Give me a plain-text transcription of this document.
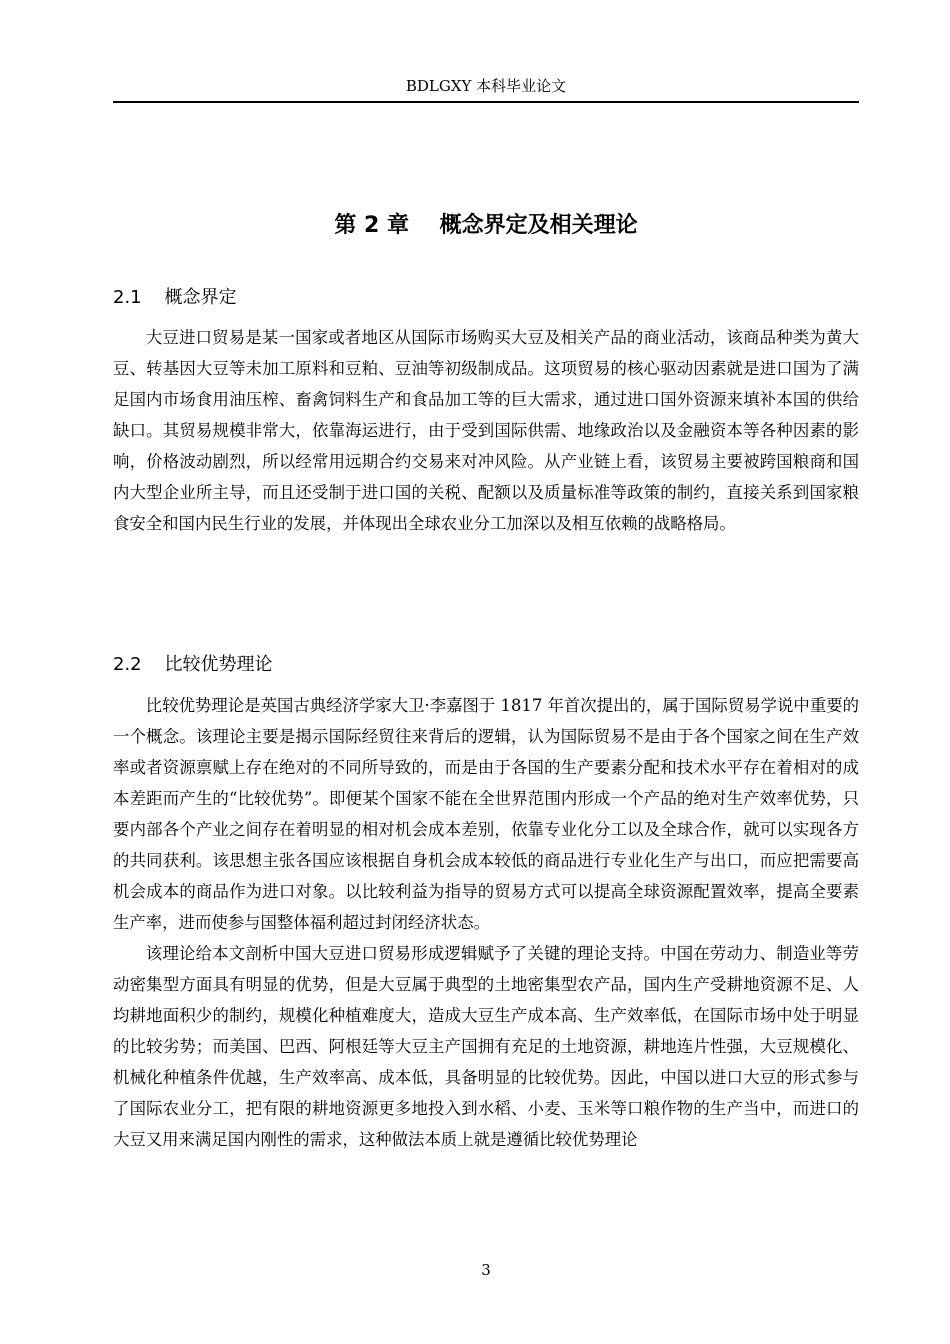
BDLGXY 本科毕业论文
第 2 章    概念界定及相关理论
2.1    概念界定

大豆进口贸易是某一国家或者地区从国际市场购买大豆及相关产品的商业活动，该商品种类为黄大豆、转基因大豆等未加工原料和豆粕、豆油等初级制成品。这项贸易的核心驱动因素就是进口国为了满足国内市场食用油压榨、畜禽饲料生产和食品加工等的巨大需求，通过进口国外资源来填补本国的供给缺口。其贸易规模非常大，依靠海运进行，由于受到国际供需、地缘政治以及金融资本等各种因素的影响，价格波动剧烈，所以经常用远期合约交易来对冲风险。从产业链上看，该贸易主要被跨国粮商和国内大型企业所主导，而且还受制于进口国的关税、配额以及质量标准等政策的制约，直接关系到国家粮食安全和国内民生行业的发展，并体现出全球农业分工加深以及相互依赖的战略格局。

2.2    比较优势理论

比较优势理论是英国古典经济学家大卫·李嘉图于 1817 年首次提出的，属于国际贸易学说中重要的一个概念。该理论主要是揭示国际经贸往来背后的逻辑，认为国际贸易不是由于各个国家之间在生产效率或者资源禀赋上存在绝对的不同所导致的，而是由于各国的生产要素分配和技术水平存在着相对的成本差距而产生的“比较优势”。即便某个国家不能在全世界范围内形成一个产品的绝对生产效率优势，只要内部各个产业之间存在着明显的相对机会成本差别，依靠专业化分工以及全球合作，就可以实现各方的共同获利。该思想主张各国应该根据自身机会成本较低的商品进行专业化生产与出口，而应把需要高机会成本的商品作为进口对象。以比较利益为指导的贸易方式可以提高全球资源配置效率，提高全要素生产率，进而使参与国整体福利超过封闭经济状态。

该理论给本文剖析中国大豆进口贸易形成逻辑赋予了关键的理论支持。中国在劳动力、制造业等劳动密集型方面具有明显的优势，但是大豆属于典型的土地密集型农产品，国内生产受耕地资源不足、人均耕地面积少的制约，规模化种植难度大，造成大豆生产成本高、生产效率低，在国际市场中处于明显的比较劣势；而美国、巴西、阿根廷等大豆主产国拥有充足的土地资源，耕地连片性强，大豆规模化、机械化种植条件优越，生产效率高、成本低，具备明显的比较优势。因此，中国以进口大豆的形式参与了国际农业分工，把有限的耕地资源更多地投入到水稻、小麦、玉米等口粮作物的生产当中，而进口的大豆又用来满足国内刚性的需求，这种做法本质上就是遵循比较优势理论

3
